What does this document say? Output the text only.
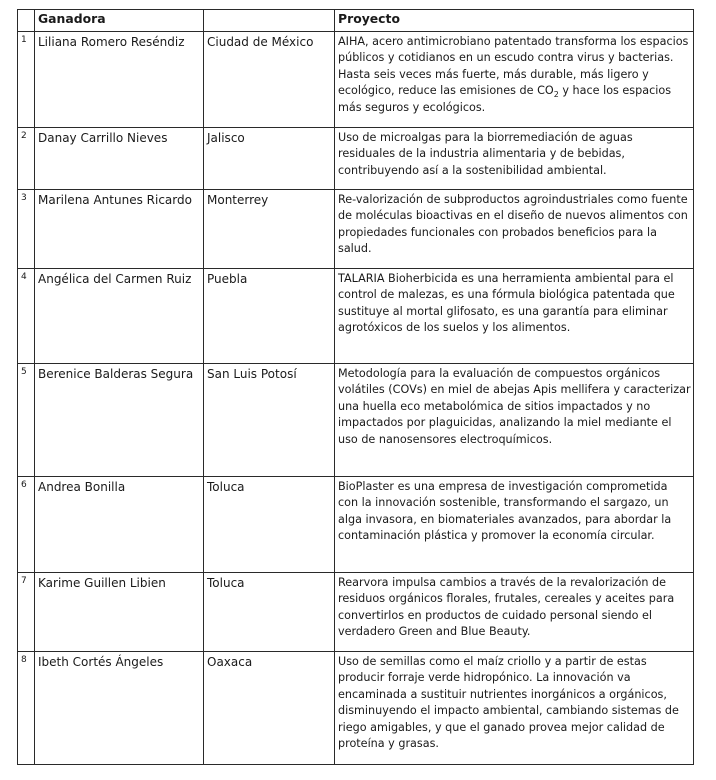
	Ganadora		Proyecto
1	Liliana Romero Reséndiz	Ciudad de México	AIHA, acero antimicrobiano patentado transforma los espacios públicos y cotidianos en un escudo contra virus y bacterias. Hasta seis veces más fuerte, más durable, más ligero y ecológico, reduce las emisiones de $CO_2$ y hace los espacios más seguros y ecológicos.
2	Danay Carrillo Nieves	Jalisco	Uso de microalgas para la biorremediación de aguas residuales de la industria alimentaria y de bebidas, contribuyendo así a la sostenibilidad ambiental.
3	Marilena Antunes Ricardo	Monterrey	Re-valorización de subproductos agroindustriales como fuente de moléculas bioactivas en el diseño de nuevos alimentos con propiedades funcionales con probados beneficios para la salud.
4	Angélica del Carmen Ruiz	Puebla	TALARIA Bioherbicida es una herramienta ambiental para el control de malezas, es una fórmula biológica patentada que sustituye al mortal glifosato, es una garantía para eliminar agrotóxicos de los suelos y los alimentos.
5	Berenice Balderas Segura	San Luis Potosí	Metodología para la evaluación de compuestos orgánicos volátiles (COVs) en miel de abejas Apis mellifera y caracterizar una huella eco metabolómica de sitios impactados y no impactados por plaguicidas, analizando la miel mediante el uso de nanosensores electroquímicos.
6	Andrea Bonilla	Toluca	BioPlaster es una empresa de investigación comprometida con la innovación sostenible, transformando el sargazo, un alga invasora, en biomateriales avanzados, para abordar la contaminación plástica y promover la economía circular.
7	Karime Guillen Libien	Toluca	Rearvora impulsa cambios a través de la revalorización de residuos orgánicos florales, frutales, cereales y aceites para convertirlos en productos de cuidado personal siendo el verdadero Green and Blue Beauty.
8	Ibeth Cortés Ángeles	Oaxaca	Uso de semillas como el maíz criollo y a partir de estas producir forraje verde hidropónico. La innovación va encaminada a sustituir nutrientes inorgánicos a orgánicos, disminuyendo el impacto ambiental, cambiando sistemas de riego amigables, y que el ganado provea mejor calidad de proteína y grasas.
